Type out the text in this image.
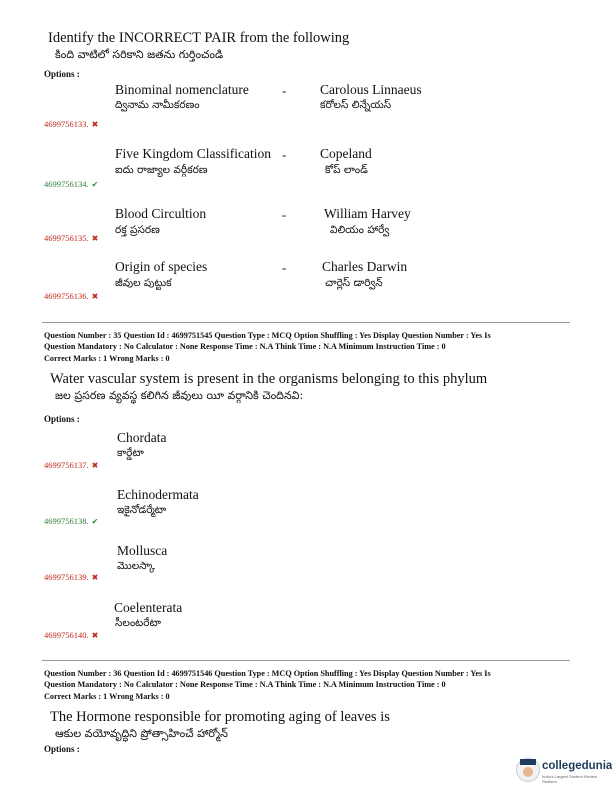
Identify the INCORRECT PAIR from the following
కింది వాటిలో సరికాని జతను గుర్తించండి
Options :
Binominal nomenclature	- Carolous Linnaeus
ద్వినామ నామీకరణం	కరోలస్ లిన్నేయస్
4699756133. ✖
Five Kingdom Classification - Copeland
ఐదు రాజ్యాల వర్గీకరణ	కోప్ లాండ్
4699756134. ✔
Blood Circultion	-	William Harvey
రక్త ప్రసరణ	విలియం హార్వే
4699756135. ✖
Origin of species	-	Charles Darwin
జీవుల పుట్టుక	చార్లెస్ డార్విన్
4699756136. ✖
Question Number : 35 Question Id : 4699751545 Question Type : MCQ Option Shuffling : Yes Display Question Number : Yes Is
Question Mandatory : No Calculator : None Response Time : N.A Think Time : N.A Minimum Instruction Time : 0
Correct Marks : 1 Wrong Marks : 0
Water vascular system is present in the organisms belonging to this phylum
జల ప్రసరణ వ్యవస్థ కలిగిన జీవులు యీ వర్గానికి చెందినవి:
Options :
Chordata
కార్డేటా
4699756137. ✖
Echinodermata
ఇకైనోడర్మేటా
4699756138. ✔
Mollusca
మొలస్కా
4699756139. ✖
Coelenterata
సీలంటరేటా
4699756140. ✖
Question Number : 36 Question Id : 4699751546 Question Type : MCQ Option Shuffling : Yes Display Question Number : Yes Is
Question Mandatory : No Calculator : None Response Time : N.A Think Time : N.A Minimum Instruction Time : 0
Correct Marks : 1 Wrong Marks : 0
The Hormone responsible for promoting aging of leaves is
ఆకుల వయోవృద్ధిని ప్రోత్సాహించే హార్మోన్
Options :
collegedunia
India's Largest Student Review Platform
